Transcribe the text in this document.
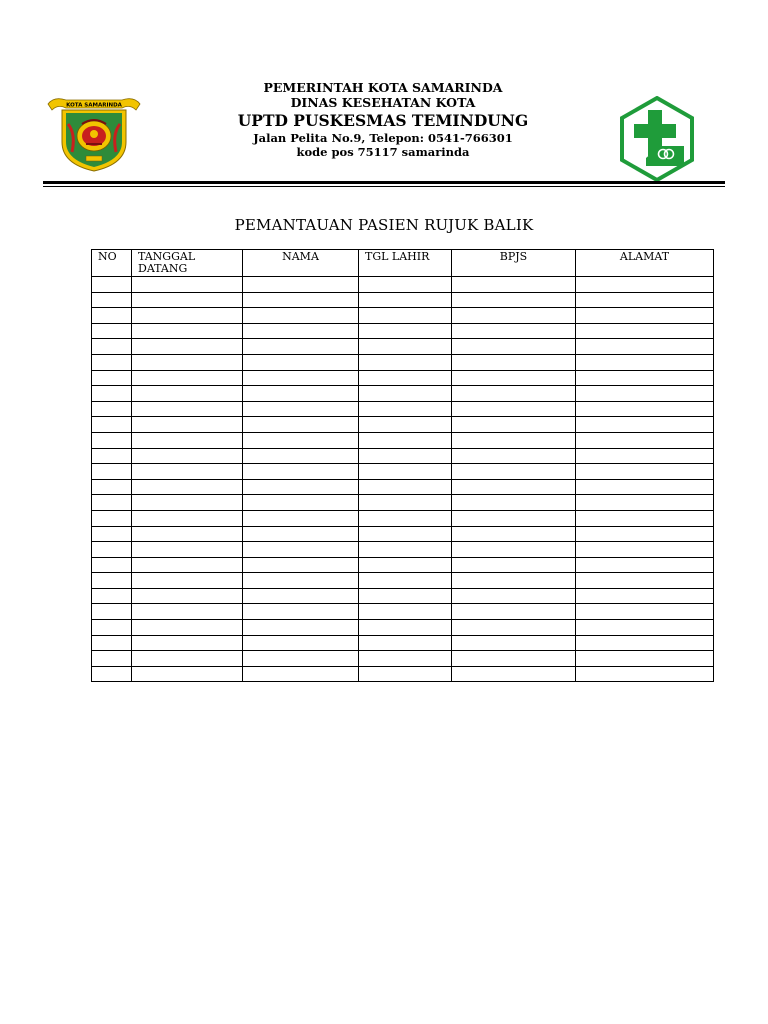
KOTA SAMARINDA
PEMERINTAH KOTA SAMARINDA
DINAS KESEHATAN KOTA
UPTD PUSKESMAS TEMINDUNG
Jalan Pelita No.9, Telepon: 0541-766301
kode pos 75117 samarinda
PEMANTAUAN PASIEN RUJUK BALIK
NO	TANGGAL DATANG	NAMA	TGL LAHIR	BPJS	ALAMAT
